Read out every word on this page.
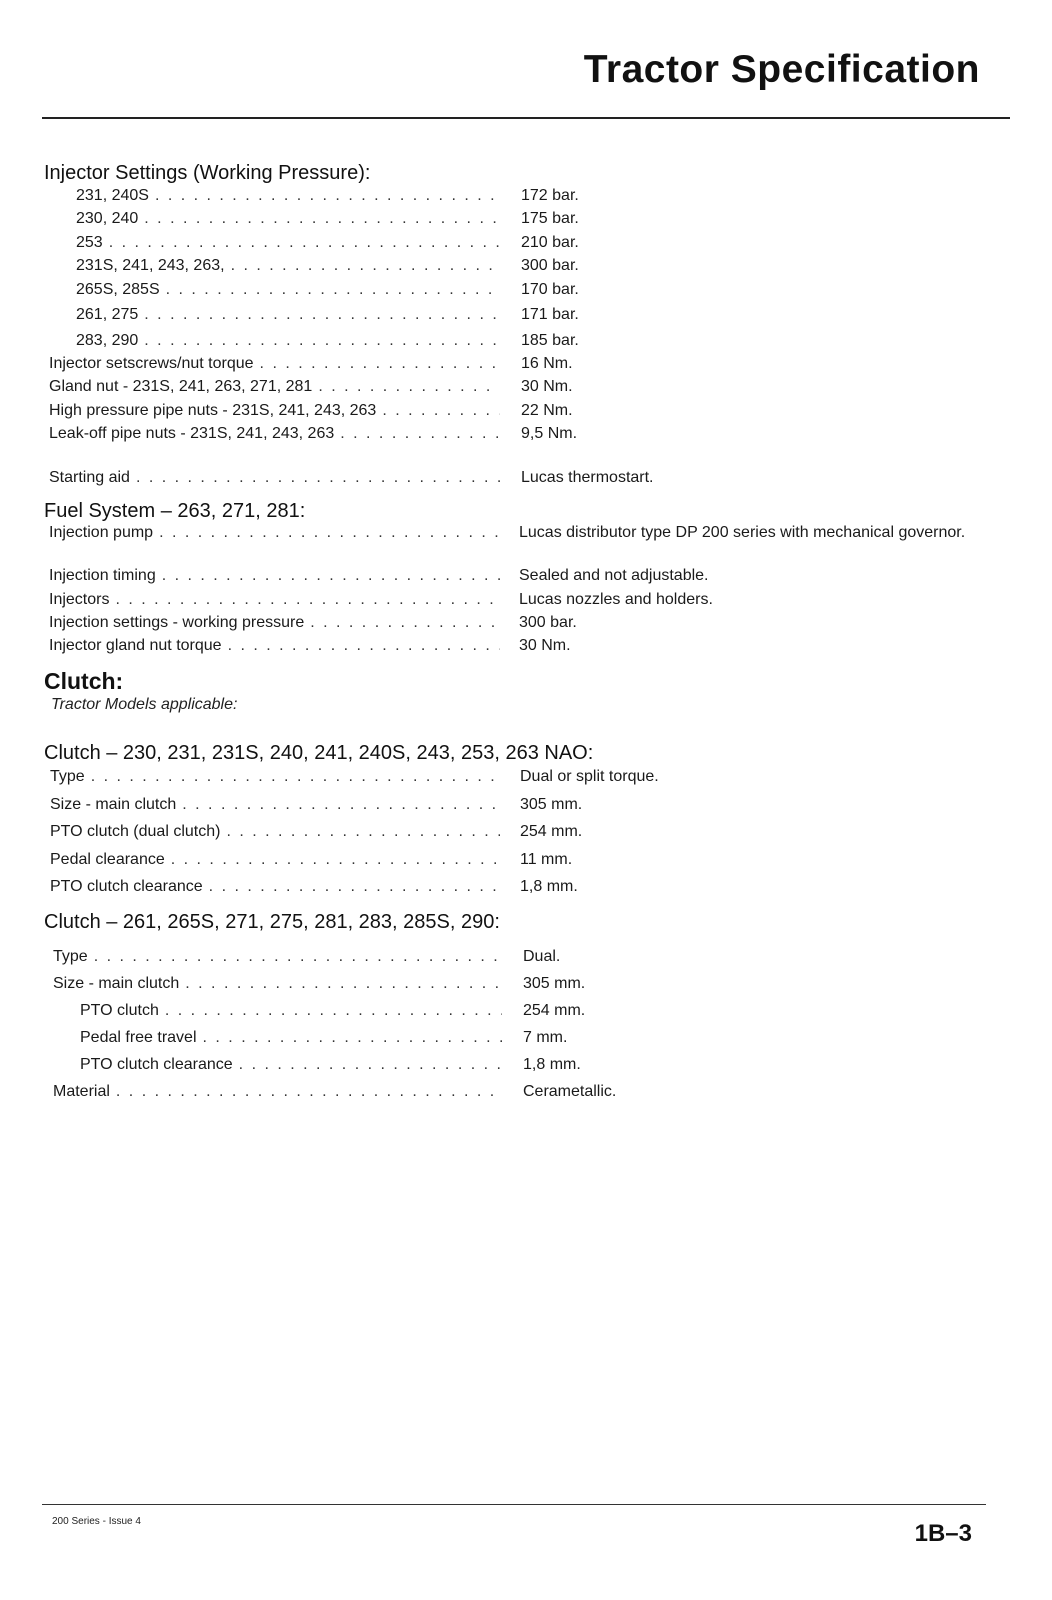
Tractor Specification
Injector Settings (Working Pressure):
231, 240S . . .	172 bar.
230, 240 . . .	175 bar.
253 . . .	210 bar.
231S, 241, 243, 263, . . .	300 bar.
265S, 285S . . .	170 bar.
261, 275 . . .	171 bar.
283, 290 . . .	185 bar.
Injector setscrews/nut torque . . .	16 Nm.
Gland nut - 231S, 241, 263, 271, 281 . . .	30 Nm.
High pressure pipe nuts - 231S, 241, 243, 263 . . .	22 Nm.
Leak-off pipe nuts - 231S, 241, 243, 263 . . .	9,5 Nm.
Starting aid . . .	Lucas thermostart.
Fuel System – 263, 271, 281:
Injection pump . . .	Lucas distributor type DP 200 series with mechanical governor.
Injection timing . . .	Sealed and not adjustable.
Injectors . . .	Lucas nozzles and holders.
Injection settings - working pressure . . .	300 bar.
Injector gland nut torque . . .	30 Nm.
Clutch:

Tractor Models applicable:

Clutch – 230, 231, 231S, 240, 241, 240S, 243, 253, 263 NAO:
Type . . .	Dual or split torque.
Size - main clutch . . .	305 mm.
PTO clutch (dual clutch) . . .	254 mm.
Pedal clearance . . .	11 mm.
PTO clutch clearance . . .	1,8 mm.
Clutch – 261, 265S, 271, 275, 281, 283, 285S, 290:
Type . . .	Dual.
Size - main clutch . . .	305 mm.
PTO clutch . . .	254 mm.
Pedal free travel . . .	7 mm.
PTO clutch clearance . . .	1,8 mm.
Material . . .	Cerametallic.
200 Series - Issue 4	1B–3
